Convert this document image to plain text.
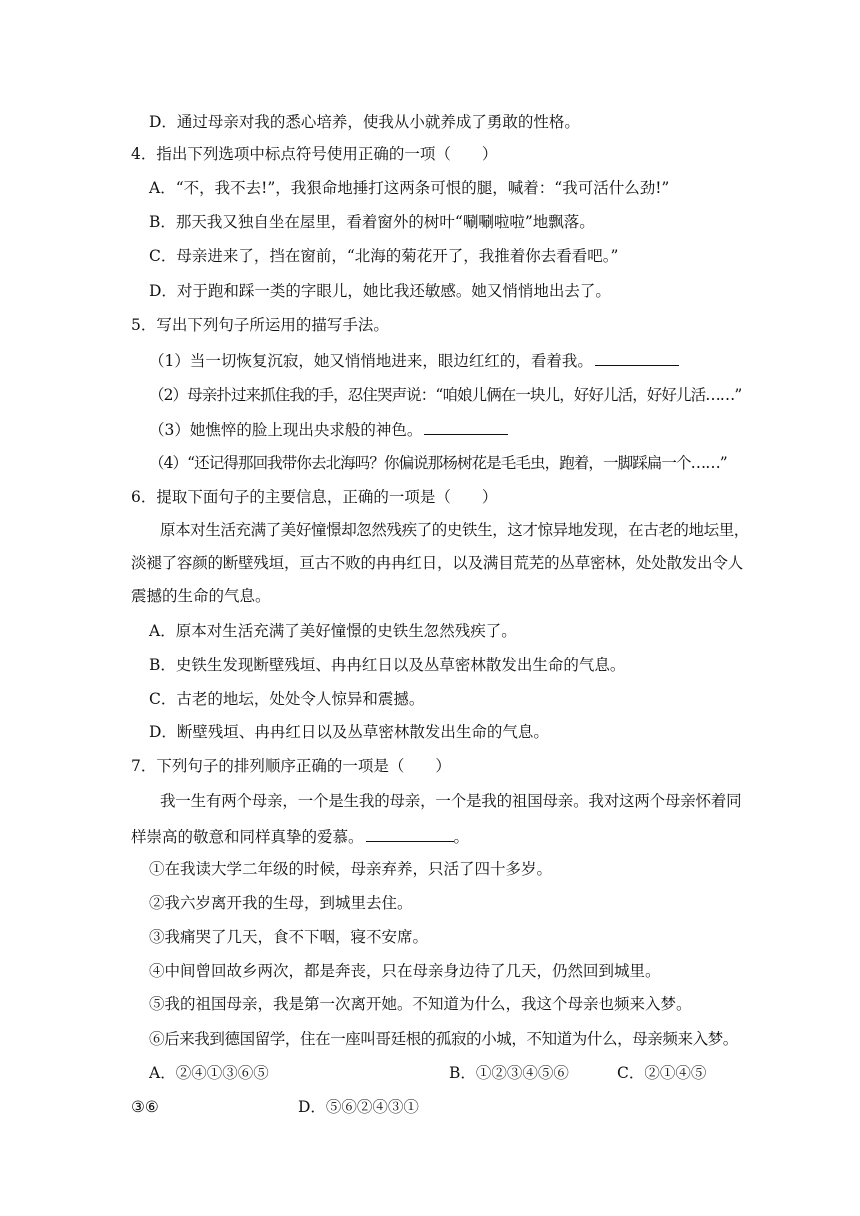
D．通过母亲对我的悉心培养，使我从小就养成了勇敢的性格。
4．指出下列选项中标点符号使用正确的一项（　　）
A．“不，我不去!”，我狠命地捶打这两条可恨的腿，喊着：“我可活什么劲!”
B．那天我又独自坐在屋里，看着窗外的树叶“唰唰啦啦”地飘落。
C．母亲进来了，挡在窗前，“北海的菊花开了，我推着你去看看吧。”
D．对于跑和踩一类的字眼儿，她比我还敏感。她又悄悄地出去了。
5．写出下列句子所运用的描写手法。
（1）当一切恢复沉寂，她又悄悄地进来，眼边红红的，看着我。
（2）母亲扑过来抓住我的手，忍住哭声说：“咱娘儿俩在一块儿，好好儿活，好好儿活……”
（3）她憔悴的脸上现出央求般的神色。
（4）“还记得那回我带你去北海吗？你偏说那杨树花是毛毛虫，跑着，一脚踩扁一个……”
6．提取下面句子的主要信息，正确的一项是（　　）
原本对生活充满了美好憧憬却忽然残疾了的史铁生，这才惊异地发现，在古老的地坛里，
淡褪了容颜的断壁残垣，亘古不败的冉冉红日，以及满目荒芜的丛草密林，处处散发出令人
震撼的生命的气息。
A．原本对生活充满了美好憧憬的史铁生忽然残疾了。
B．史铁生发现断壁残垣、冉冉红日以及丛草密林散发出生命的气息。
C．古老的地坛，处处令人惊异和震撼。
D．断壁残垣、冉冉红日以及丛草密林散发出生命的气息。
7．下列句子的排列顺序正确的一项是（　　）
我一生有两个母亲，一个是生我的母亲，一个是我的祖国母亲。我对这两个母亲怀着同
样崇高的敬意和同样真挚的爱慕。	。
①在我读大学二年级的时候，母亲弃养，只活了四十多岁。
②我六岁离开我的生母，到城里去住。
③我痛哭了几天，食不下咽，寝不安席。
④中间曾回故乡两次，都是奔丧，只在母亲身边待了几天，仍然回到城里。
⑤我的祖国母亲，我是第一次离开她。不知道为什么，我这个母亲也频来入梦。
⑥后来我到德国留学，住在一座叫哥廷根的孤寂的小城，不知道为什么，母亲频来入梦。
A．②④①③⑥⑤	B．①②③④⑤⑥	C．②①④⑤
③⑥	D．⑤⑥②④③①
